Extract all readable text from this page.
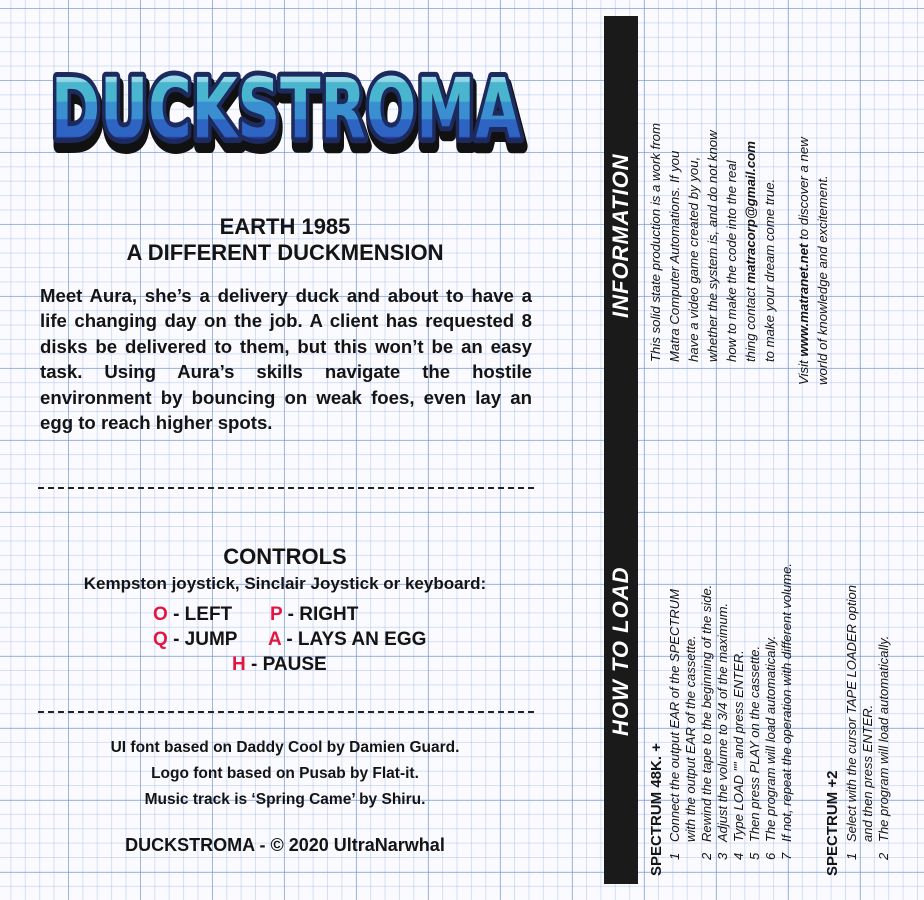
DUCKSTROMA
DUCKSTROMA
DUCKSTROMA
EARTH 1985
A DIFFERENT DUCKMENSION
Meet Aura, she’s a delivery duck and about to have a life changing day on the job. A client has requested 8 disks be delivered to them, but this won’t be an easy task. Using Aura’s skills navigate the hostile environment by bouncing on weak foes, even lay an egg to reach higher spots.
CONTROLS
Kempston joystick, Sinclair Joystick or keyboard:
O - LEFT P - RIGHT
Q - JUMP A - LAYS AN EGG
H - PAUSE
UI font based on Daddy Cool by Damien Guard.
Logo font based on Pusab by Flat-it.
Music track is ‘Spring Came’ by Shiru.
DUCKSTROMA - © 2020 UltraNarwhal
INFORMATION
HOW TO LOAD
This solid state production is a work from Matra Computer Automations. If you have a video game created by you, whether the system is, and do not know how to make the code into the real thing contact matracorp@gmail.com to make your dream come true.
Visit www.matranet.net to discover a new world of knowledge and excitement.
SPECTRUM 48K. + 1
Connect the output EAR of the SPECTRUM with the output EAR of the cassette.
2
Rewind the tape to the beginning of the side.
3
Adjust the volume to 3/4 of the maximum.
4
Type LOAD "" and press ENTER.
5
Then press PLAY on the cassette.
6
The program will load automatically.
7
If not, repeat the operation with different volume. SPECTRUM +2 1
Select with the cursor TAPE LOADER option and then press ENTER.
2
The program will load automatically.
